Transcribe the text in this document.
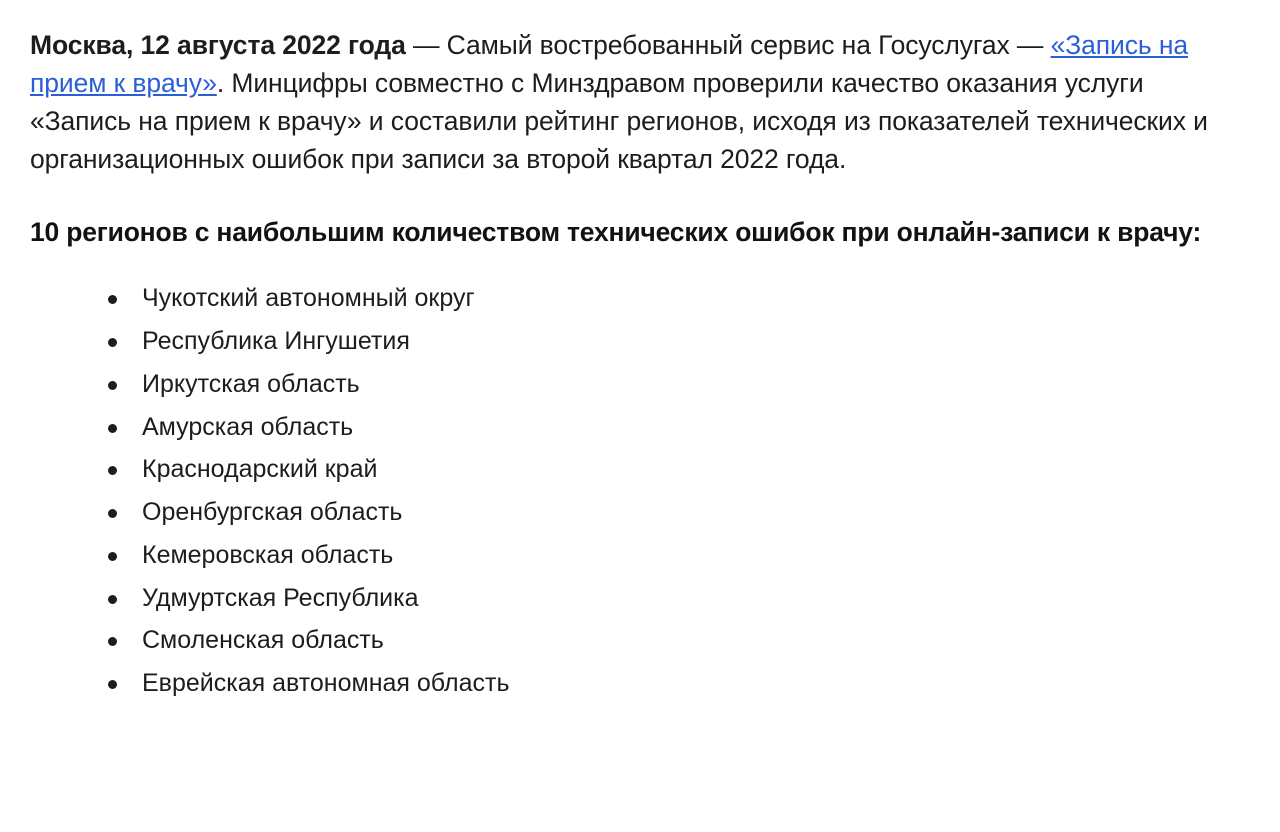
Москва, 12 августа 2022 года — Самый востребованный сервис на Госуслугах — «Запись на прием к врачу». Минцифры совместно с Минздравом проверили качество оказания услуги «Запись на прием к врачу» и составили рейтинг регионов, исходя из показателей технических и организационных ошибок при записи за второй квартал 2022 года.

10 регионов с наибольшим количеством технических ошибок при онлайн-записи к врачу:
Чукотский автономный округ
Республика Ингушетия
Иркутская область
Амурская область
Краснодарский край
Оренбургская область
Кемеровская область
Удмуртская Республика
Смоленская область
Еврейская автономная область
